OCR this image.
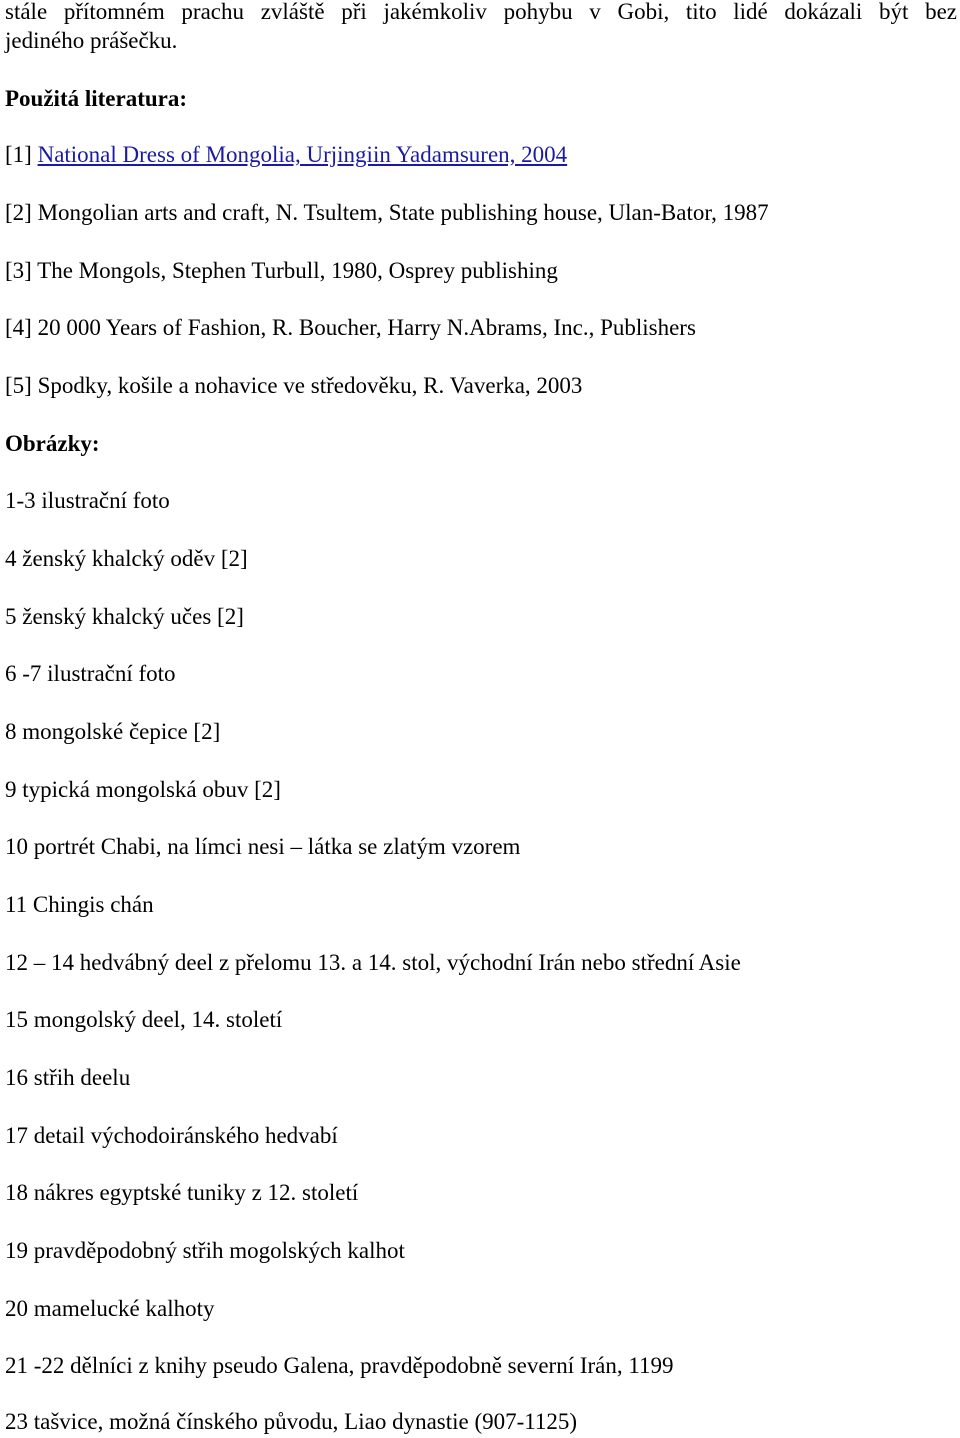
stále přítomném prachu zvláště při jakémkoliv pohybu v Gobi, tito lidé dokázali být bez
jediného prášečku.

Použitá literatura:

[1] National Dress of Mongolia, Urjingiin Yadamsuren, 2004

[2] Mongolian arts and craft, N. Tsultem, State publishing house, Ulan-Bator, 1987

[3] The Mongols, Stephen Turbull, 1980, Osprey publishing

[4] 20 000 Years of Fashion, R. Boucher, Harry N.Abrams, Inc., Publishers

[5] Spodky, košile a nohavice ve středověku, R. Vaverka, 2003

Obrázky:

1-3 ilustrační foto

4 ženský khalcký oděv [2]

5 ženský khalcký učes [2]

6 -7 ilustrační foto

8 mongolské čepice [2]

9 typická mongolská obuv [2]

10 portrét Chabi, na límci nesi – látka se zlatým vzorem

11 Chingis chán

12 – 14 hedvábný deel z přelomu 13. a 14. stol, východní Irán nebo střední Asie

15 mongolský deel, 14. století

16 střih deelu

17 detail východoiránského hedvabí

18 nákres egyptské tuniky z 12. století

19 pravděpodobný střih mogolských kalhot

20 mamelucké kalhoty

21 -22 dělníci z knihy pseudo Galena, pravděpodobně severní Irán, 1199

23 tašvice, možná čínského původu, Liao dynastie (907-1125)
